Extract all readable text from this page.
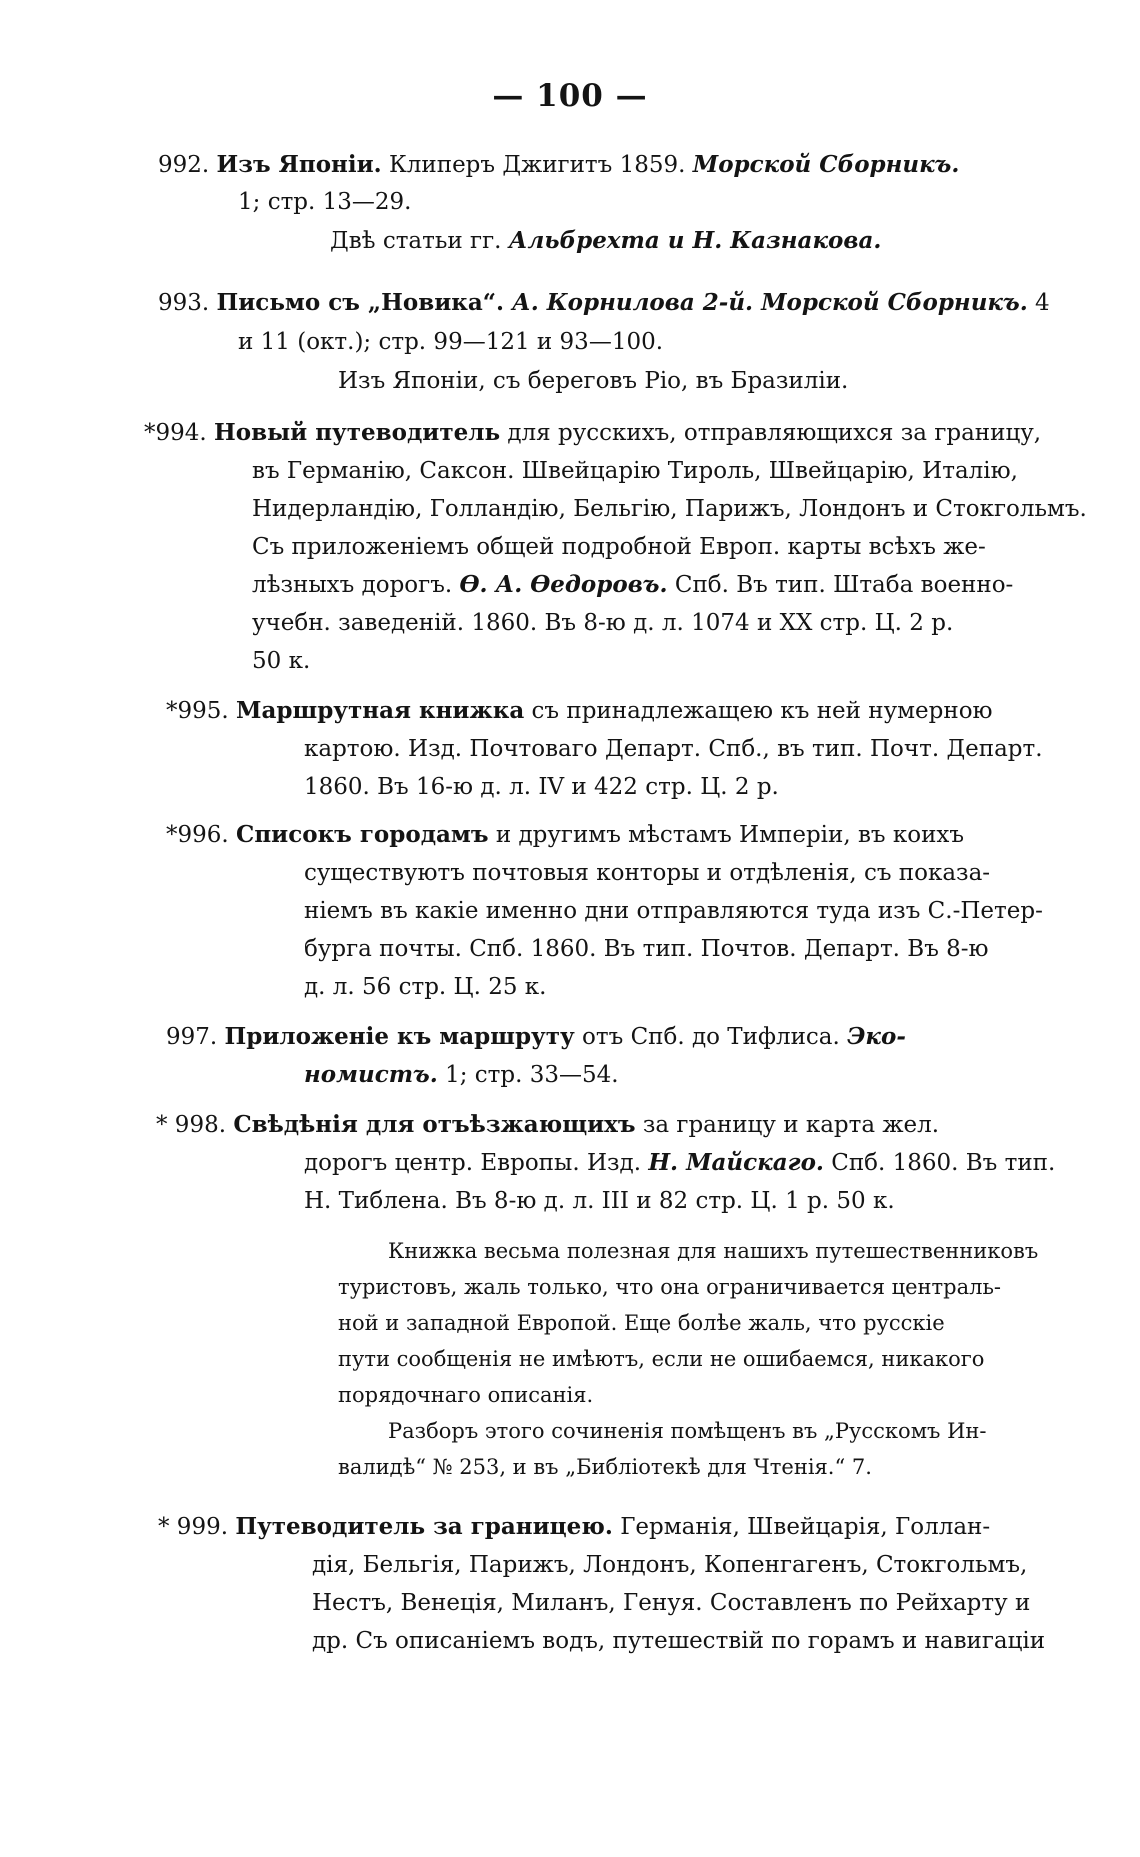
— 100 —
992. Изъ Японіи. Клиперъ Джигитъ 1859. Морской Сборникъ.
1; стр. 13—29.
Двѣ статьи гг. Альбрехта и Н. Казнакова.
993. Письмо съ „Новика“. А. Корнилова 2-й. Морской Сборникъ. 4
и 11 (окт.); стр. 99—121 и 93—100.
Изъ Японіи, съ береговъ Ріо, въ Бразиліи.
*994. Новый путеводитель для русскихъ, отправляющихся за границу,
въ Германію, Саксон. Швейцарію Тироль, Швейцарію, Италію,
Нидерландію, Голландію, Бельгію, Парижъ, Лондонъ и Стокгольмъ.
Съ приложеніемъ общей подробной Европ. карты всѣхъ же-
лѣзныхъ дорогъ. Ѳ. А. Ѳедоровъ. Спб. Въ тип. Штаба военно-
учебн. заведеній. 1860. Въ 8-ю д. л. 1074 и XX стр. Ц. 2 р.
50 к.
*995. Маршрутная книжка съ принадлежащею къ ней нумерною
картою. Изд. Почтоваго Департ. Спб., въ тип. Почт. Департ.
1860. Въ 16-ю д. л. IV и 422 стр. Ц. 2 р.
*996. Списокъ городамъ и другимъ мѣстамъ Имперіи, въ коихъ
существуютъ почтовыя конторы и отдѣленія, съ показа-
ніемъ въ какіе именно дни отправляются туда изъ С.-Петер-
бурга почты. Спб. 1860. Въ тип. Почтов. Департ. Въ 8-ю
д. л. 56 стр. Ц. 25 к.
997. Приложеніе къ маршруту отъ Спб. до Тифлиса. Эко-
номистъ. 1; стр. 33—54.
* 998. Свѣдѣнія для отъѣзжающихъ за границу и карта жел.
дорогъ центр. Европы. Изд. Н. Майскаго. Спб. 1860. Въ тип.
Н. Тиблена. Въ 8-ю д. л. III и 82 стр. Ц. 1 р. 50 к.
Книжка весьма полезная для нашихъ путешественниковъ
туристовъ, жаль только, что она ограничивается централь-
ной и западной Европой. Еще болѣе жаль, что русскіе
пути сообщенія не имѣютъ, если не ошибаемся, никакого
порядочнаго описанія.
Разборъ этого сочиненія помѣщенъ въ „Русскомъ Ин-
валидѣ“ № 253, и въ „Библіотекѣ для Чтенія.“ 7.
* 999. Путеводитель за границею. Германія, Швейцарія, Голлан-
дія, Бельгія, Парижъ, Лондонъ, Копенгагенъ, Стокгольмъ,
Нестъ, Венеція, Миланъ, Генуя. Составленъ по Рейхарту и
др. Съ описаніемъ водъ, путешествій по горамъ и навигаціи
